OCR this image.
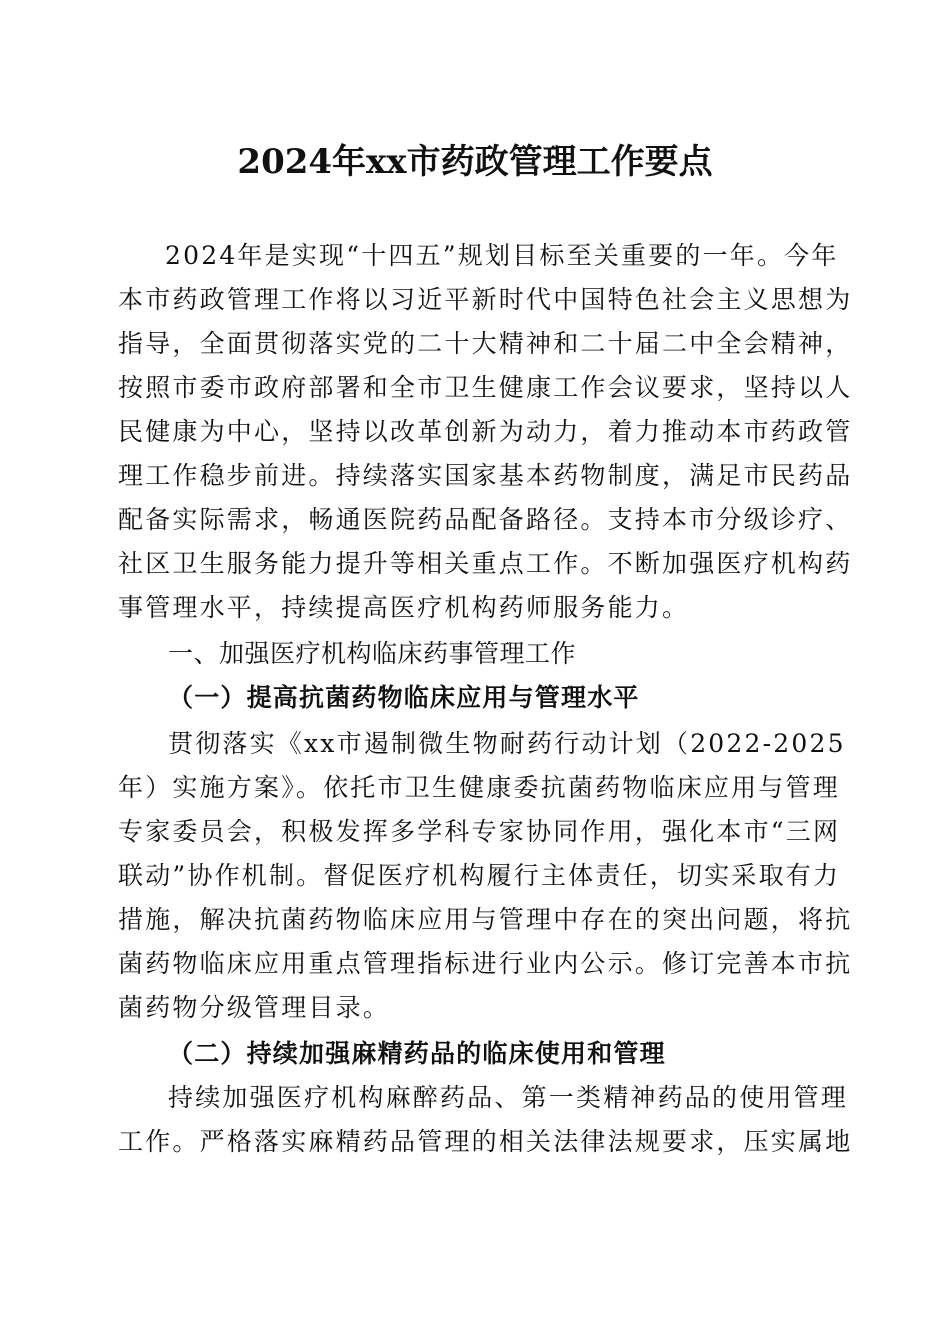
2024年xx市药政管理工作要点
2024年是实现“十四五”规划目标至关重要的一年。今年
本市药政管理工作将以习近平新时代中国特色社会主义思想为
指导，全面贯彻落实党的二十大精神和二十届二中全会精神，
按照市委市政府部署和全市卫生健康工作会议要求，坚持以人
民健康为中心，坚持以改革创新为动力，着力推动本市药政管
理工作稳步前进。持续落实国家基本药物制度，满足市民药品
配备实际需求，畅通医院药品配备路径。支持本市分级诊疗、
社区卫生服务能力提升等相关重点工作。不断加强医疗机构药
事管理水平，持续提高医疗机构药师服务能力。
一、加强医疗机构临床药事管理工作
（一）提高抗菌药物临床应用与管理水平
贯彻落实《xx市遏制微生物耐药行动计划（2022-2025
年）实施方案》。依托市卫生健康委抗菌药物临床应用与管理
专家委员会，积极发挥多学科专家协同作用，强化本市“三网
联动”协作机制。督促医疗机构履行主体责任，切实采取有力
措施，解决抗菌药物临床应用与管理中存在的突出问题，将抗
菌药物临床应用重点管理指标进行业内公示。修订完善本市抗
菌药物分级管理目录。
（二）持续加强麻精药品的临床使用和管理
持续加强医疗机构麻醉药品、第一类精神药品的使用管理
工作。严格落实麻精药品管理的相关法律法规要求，压实属地
